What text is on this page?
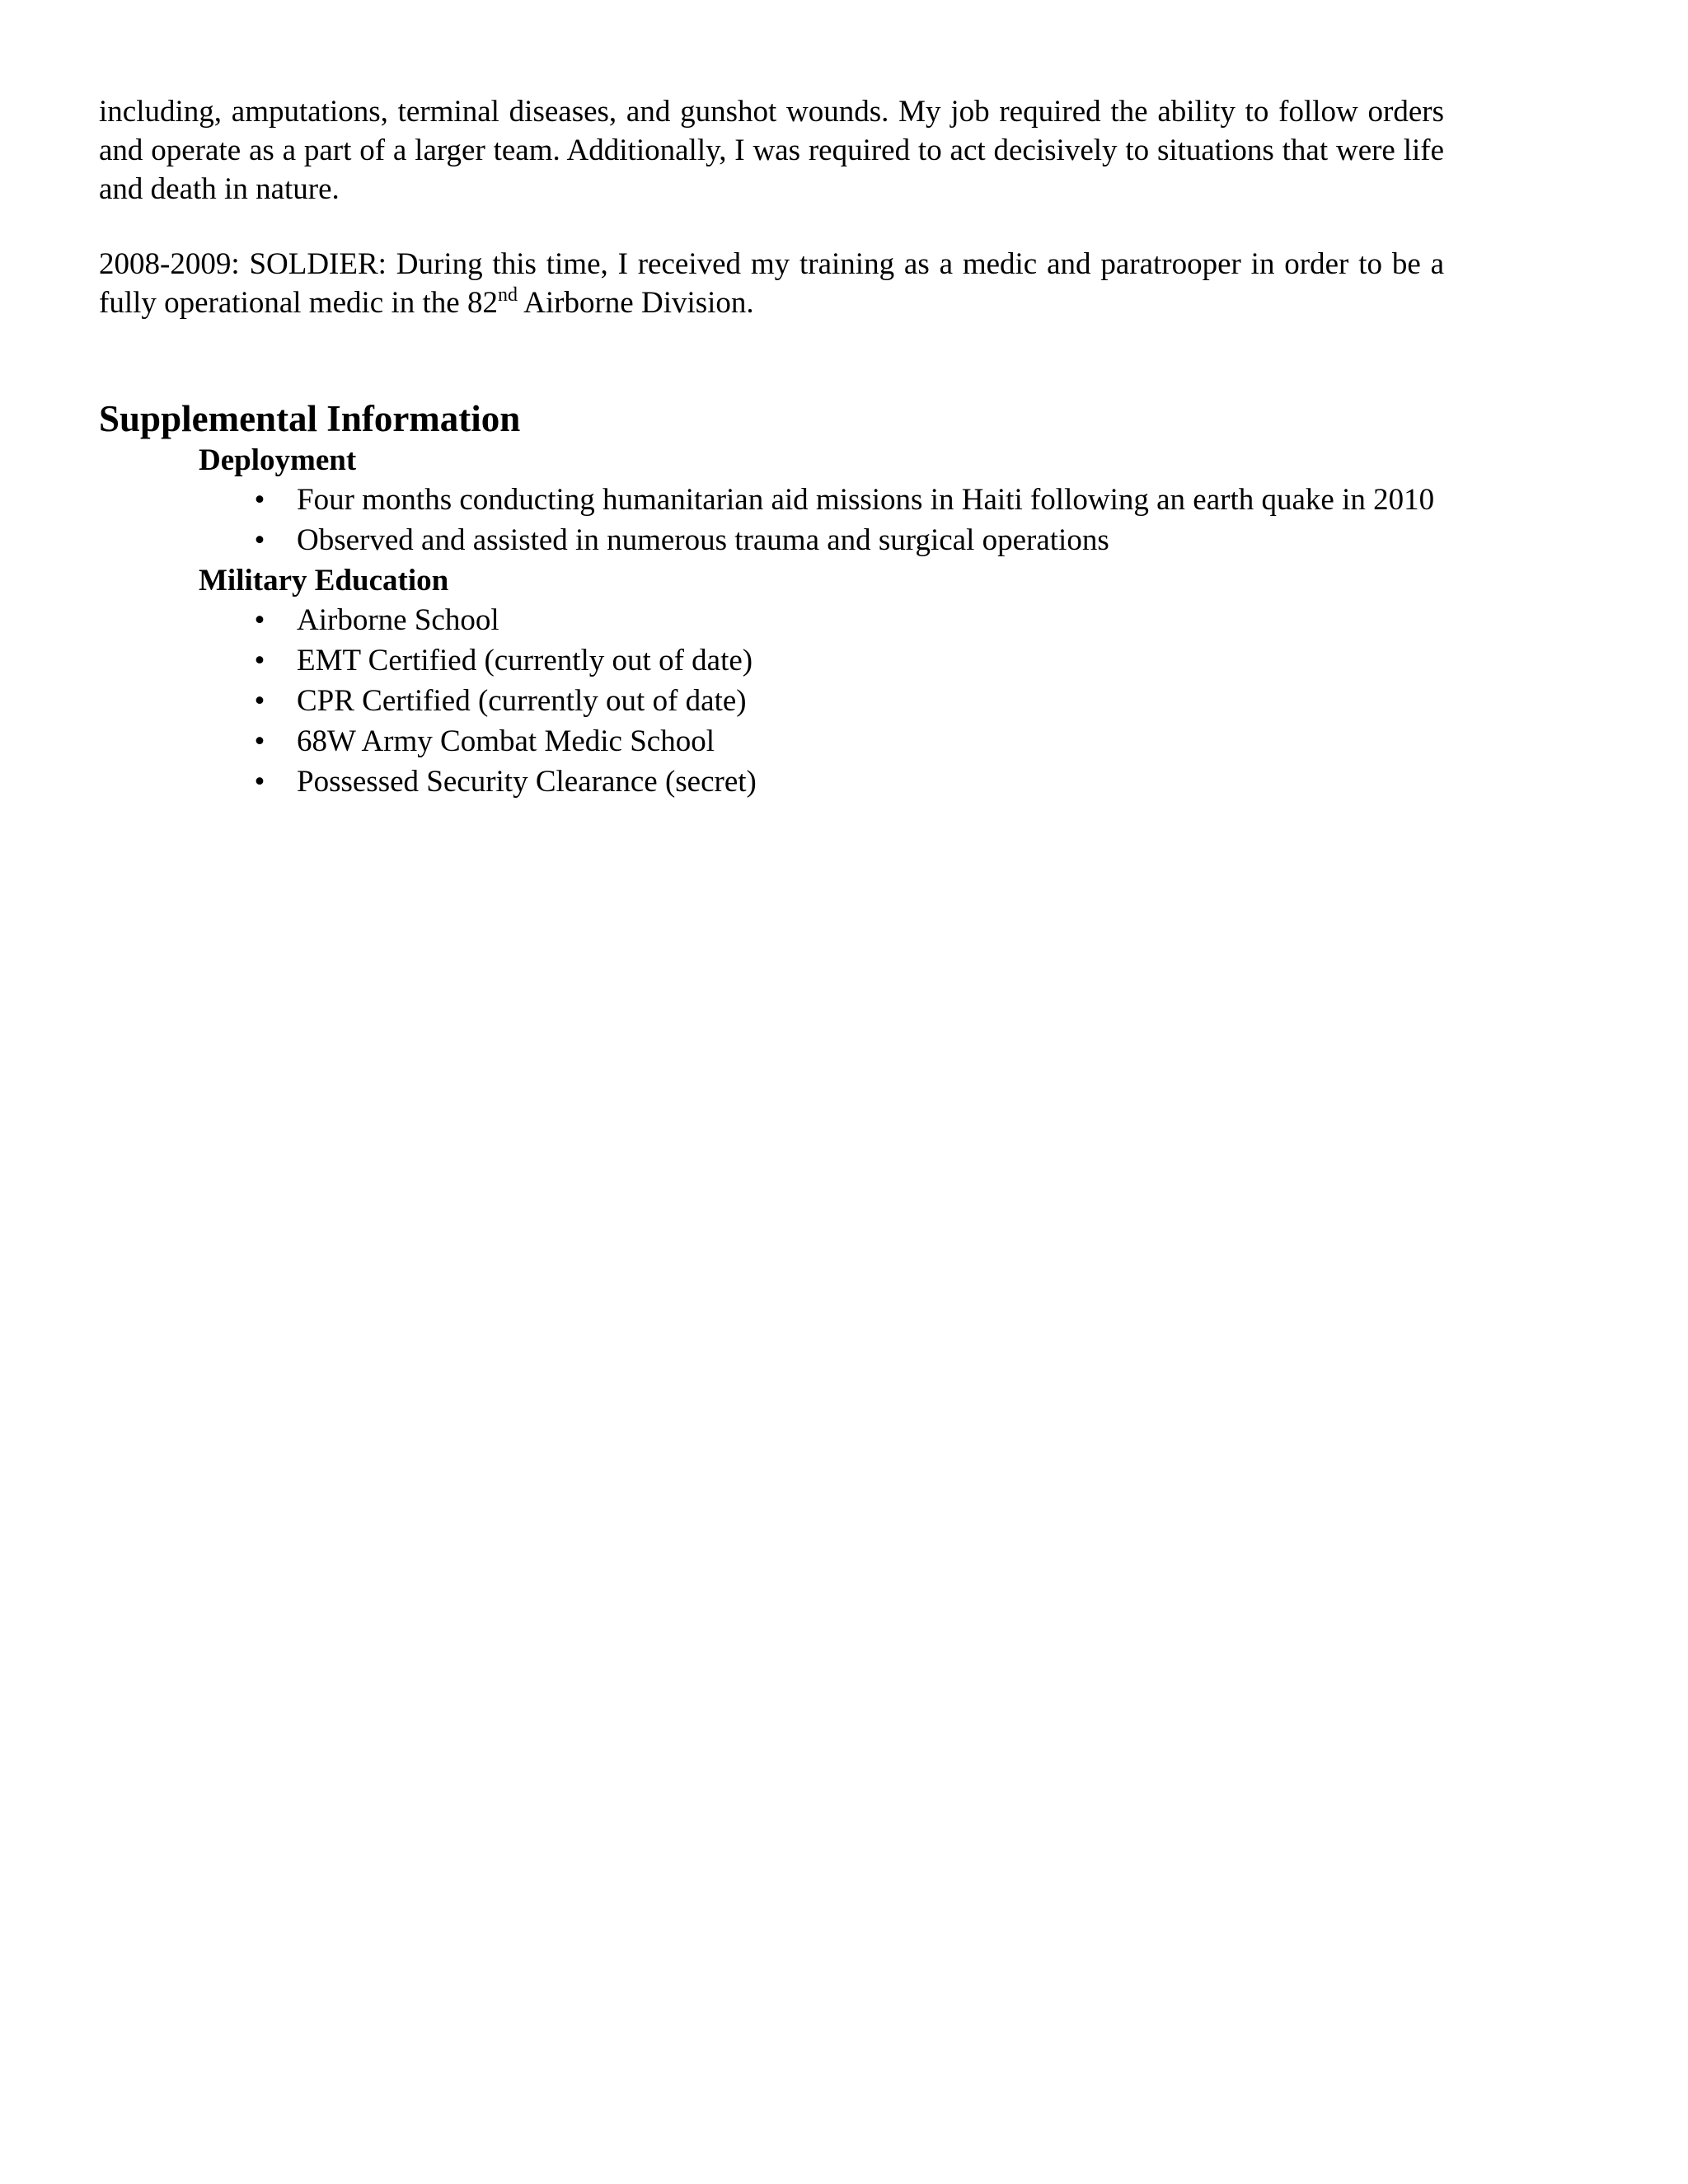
including, amputations, terminal diseases, and gunshot wounds. My job required the ability to follow orders and operate as a part of a larger team. Additionally, I was required to act decisively to situations that were life and death in nature.

2008-2009: SOLDIER: During this time, I received my training as a medic and paratrooper in order to be a fully operational medic in the 82nd Airborne Division.

Supplemental Information
Deployment
• Four months conducting humanitarian aid missions in Haiti following an earth quake in 2010
• Observed and assisted in numerous trauma and surgical operations
Military Education
• Airborne School
• EMT Certified (currently out of date)
• CPR Certified (currently out of date)
• 68W Army Combat Medic School
• Possessed Security Clearance (secret)
